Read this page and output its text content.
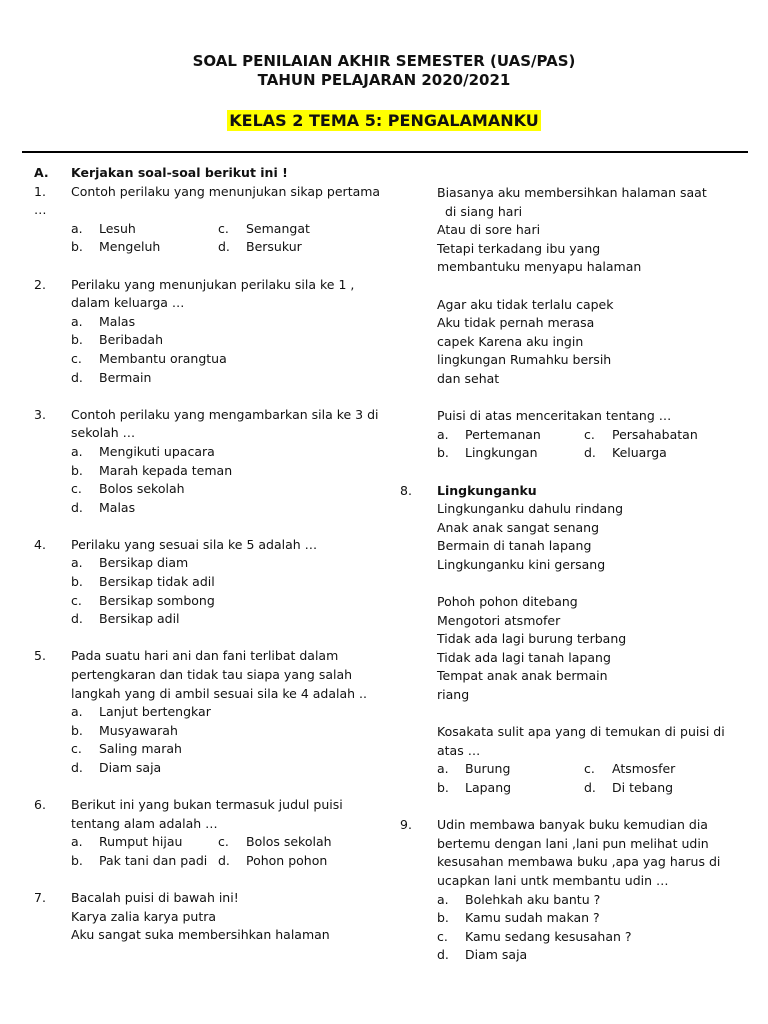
SOAL PENILAIAN AKHIR SEMESTER (UAS/PAS)
TAHUN PELAJARAN 2020/2021
KELAS 2 TEMA 5: PENGALAMANKU
A.	Kerjakan soal-soal berikut ini !
1.	Contoh perilaku yang menunjukan sikap pertama
…
a.	Lesuh	c.	Semangat
b.	Mengeluh	d.	Bersukur
2.	Perilaku yang menunjukan perilaku sila ke 1 ,
dalam keluarga …
a.	Malas
b.	Beribadah
c.	Membantu orangtua
d.	Bermain
3.	Contoh perilaku yang mengambarkan sila ke 3 di
sekolah …
a.	Mengikuti upacara
b.	Marah kepada teman
c.	Bolos sekolah
d.	Malas
4.	Perilaku yang sesuai sila ke 5 adalah …
a.	Bersikap diam
b.	Bersikap tidak adil
c.	Bersikap sombong
d.	Bersikap adil
5.	Pada suatu hari ani dan fani terlibat dalam
pertengkaran dan tidak tau siapa yang salah
langkah yang di ambil sesuai sila ke 4 adalah ..
a.	Lanjut bertengkar
b.	Musyawarah
c.	Saling marah
d.	Diam saja
6.	Berikut ini yang bukan termasuk judul puisi
tentang alam adalah …
a.	Rumput hijau	c.	Bolos sekolah
b.	Pak tani dan padi d.	Pohon pohon
7.	Bacalah puisi di bawah ini!
Karya zalia karya putra
Aku sangat suka membersihkan halaman
Biasanya aku membersihkan halaman saat
di siang hari
Atau di sore hari
Tetapi terkadang ibu yang
membantuku menyapu halaman
Agar aku tidak terlalu capek
Aku tidak pernah merasa
capek Karena aku ingin
lingkungan Rumahku bersih
dan sehat
Puisi di atas menceritakan tentang …
a.	Pertemanan	c.	Persahabatan
b.	Lingkungan	d.	Keluarga
8.	Lingkunganku
Lingkunganku dahulu rindang
Anak anak sangat senang
Bermain di tanah lapang
Lingkunganku kini gersang
Pohoh pohon ditebang
Mengotori atsmofer
Tidak ada lagi burung terbang
Tidak ada lagi tanah lapang
Tempat anak anak bermain
riang
Kosakata sulit apa yang di temukan di puisi di
atas …
a.	Burung	c.	Atsmosfer
b.	Lapang	d.	Di tebang
9.	Udin membawa banyak buku kemudian dia
bertemu dengan lani ,lani pun melihat udin
kesusahan membawa buku ,apa yag harus di
ucapkan lani untk membantu udin …
a.	Bolehkah aku bantu ?
b.	Kamu sudah makan ?
c.	Kamu sedang kesusahan ?
d.	Diam saja
